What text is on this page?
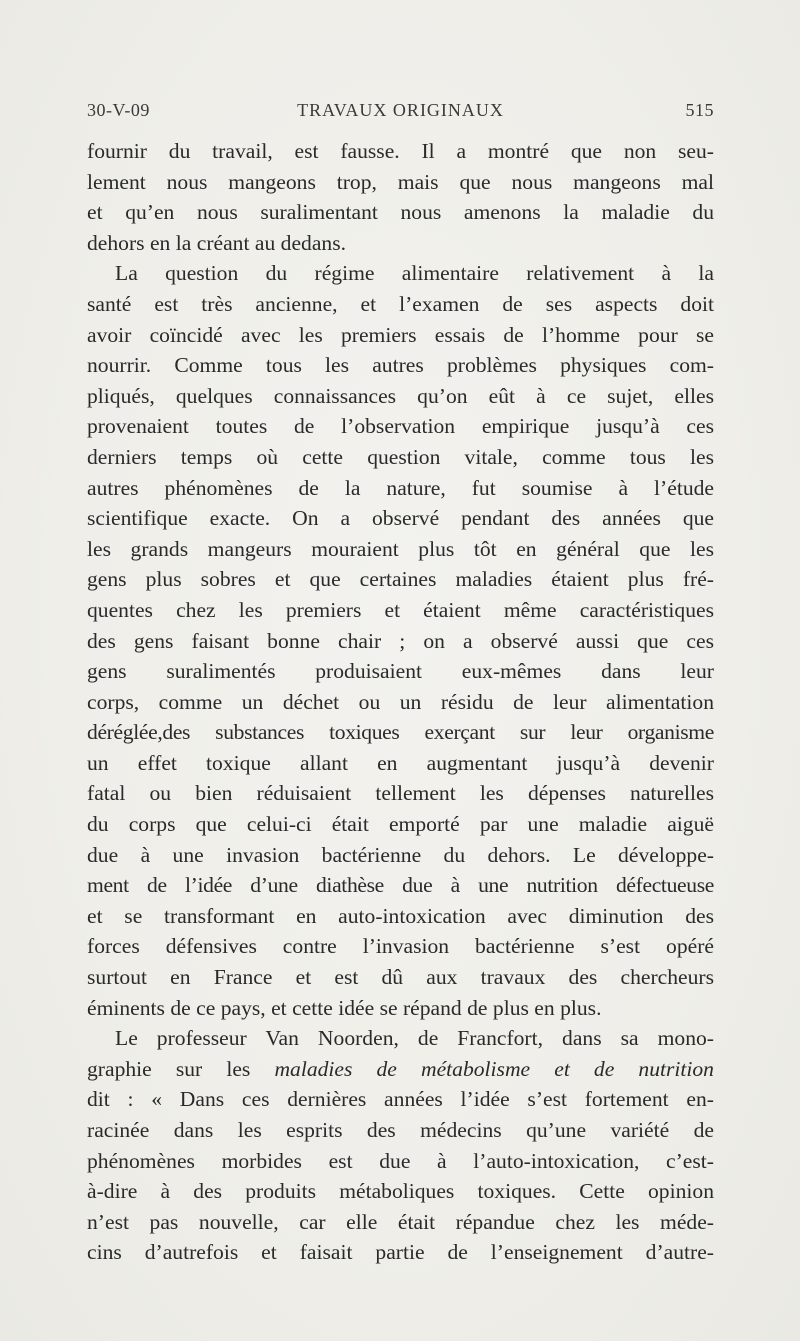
30-V-09	TRAVAUX ORIGINAUX	515
fournir du travail, est fausse. Il a montré que non seu-
lement nous mangeons trop, mais que nous mangeons mal
et qu’en nous suralimentant nous amenons la maladie du
dehors en la créant au dedans.
La question du régime alimentaire relativement à la
santé est très ancienne, et l’examen de ses aspects doit
avoir coïncidé avec les premiers essais de l’homme pour se
nourrir. Comme tous les autres problèmes physiques com-
pliqués, quelques connaissances qu’on eût à ce sujet, elles
provenaient toutes de l’observation empirique jusqu’à ces
derniers temps où cette question vitale, comme tous les
autres phénomènes de la nature, fut soumise à l’étude
scientifique exacte. On a observé pendant des années que
les grands mangeurs mouraient plus tôt en général que les
gens plus sobres et que certaines maladies étaient plus fré-
quentes chez les premiers et étaient même caractéristiques
des gens faisant bonne chair ; on a observé aussi que ces
gens suralimentés produisaient eux-mêmes dans leur
corps, comme un déchet ou un résidu de leur alimentation
déréglée,des substances toxiques exerçant sur leur organisme
un effet toxique allant en augmentant jusqu’à devenir
fatal ou bien réduisaient tellement les dépenses naturelles
du corps que celui-ci était emporté par une maladie aiguë
due à une invasion bactérienne du dehors. Le développe-
ment de l’idée d’une diathèse due à une nutrition défectueuse
et se transformant en auto-intoxication avec diminution des
forces défensives contre l’invasion bactérienne s’est opéré
surtout en France et est dû aux travaux des chercheurs
éminents de ce pays, et cette idée se répand de plus en plus.
Le professeur Van Noorden, de Francfort, dans sa mono-
graphie sur les maladies de métabolisme et de nutrition
dit : « Dans ces dernières années l’idée s’est fortement en-
racinée dans les esprits des médecins qu’une variété de
phénomènes morbides est due à l’auto-intoxication, c’est-
à-dire à des produits métaboliques toxiques. Cette opinion
n’est pas nouvelle, car elle était répandue chez les méde-
cins d’autrefois et faisait partie de l’enseignement d’autre-
